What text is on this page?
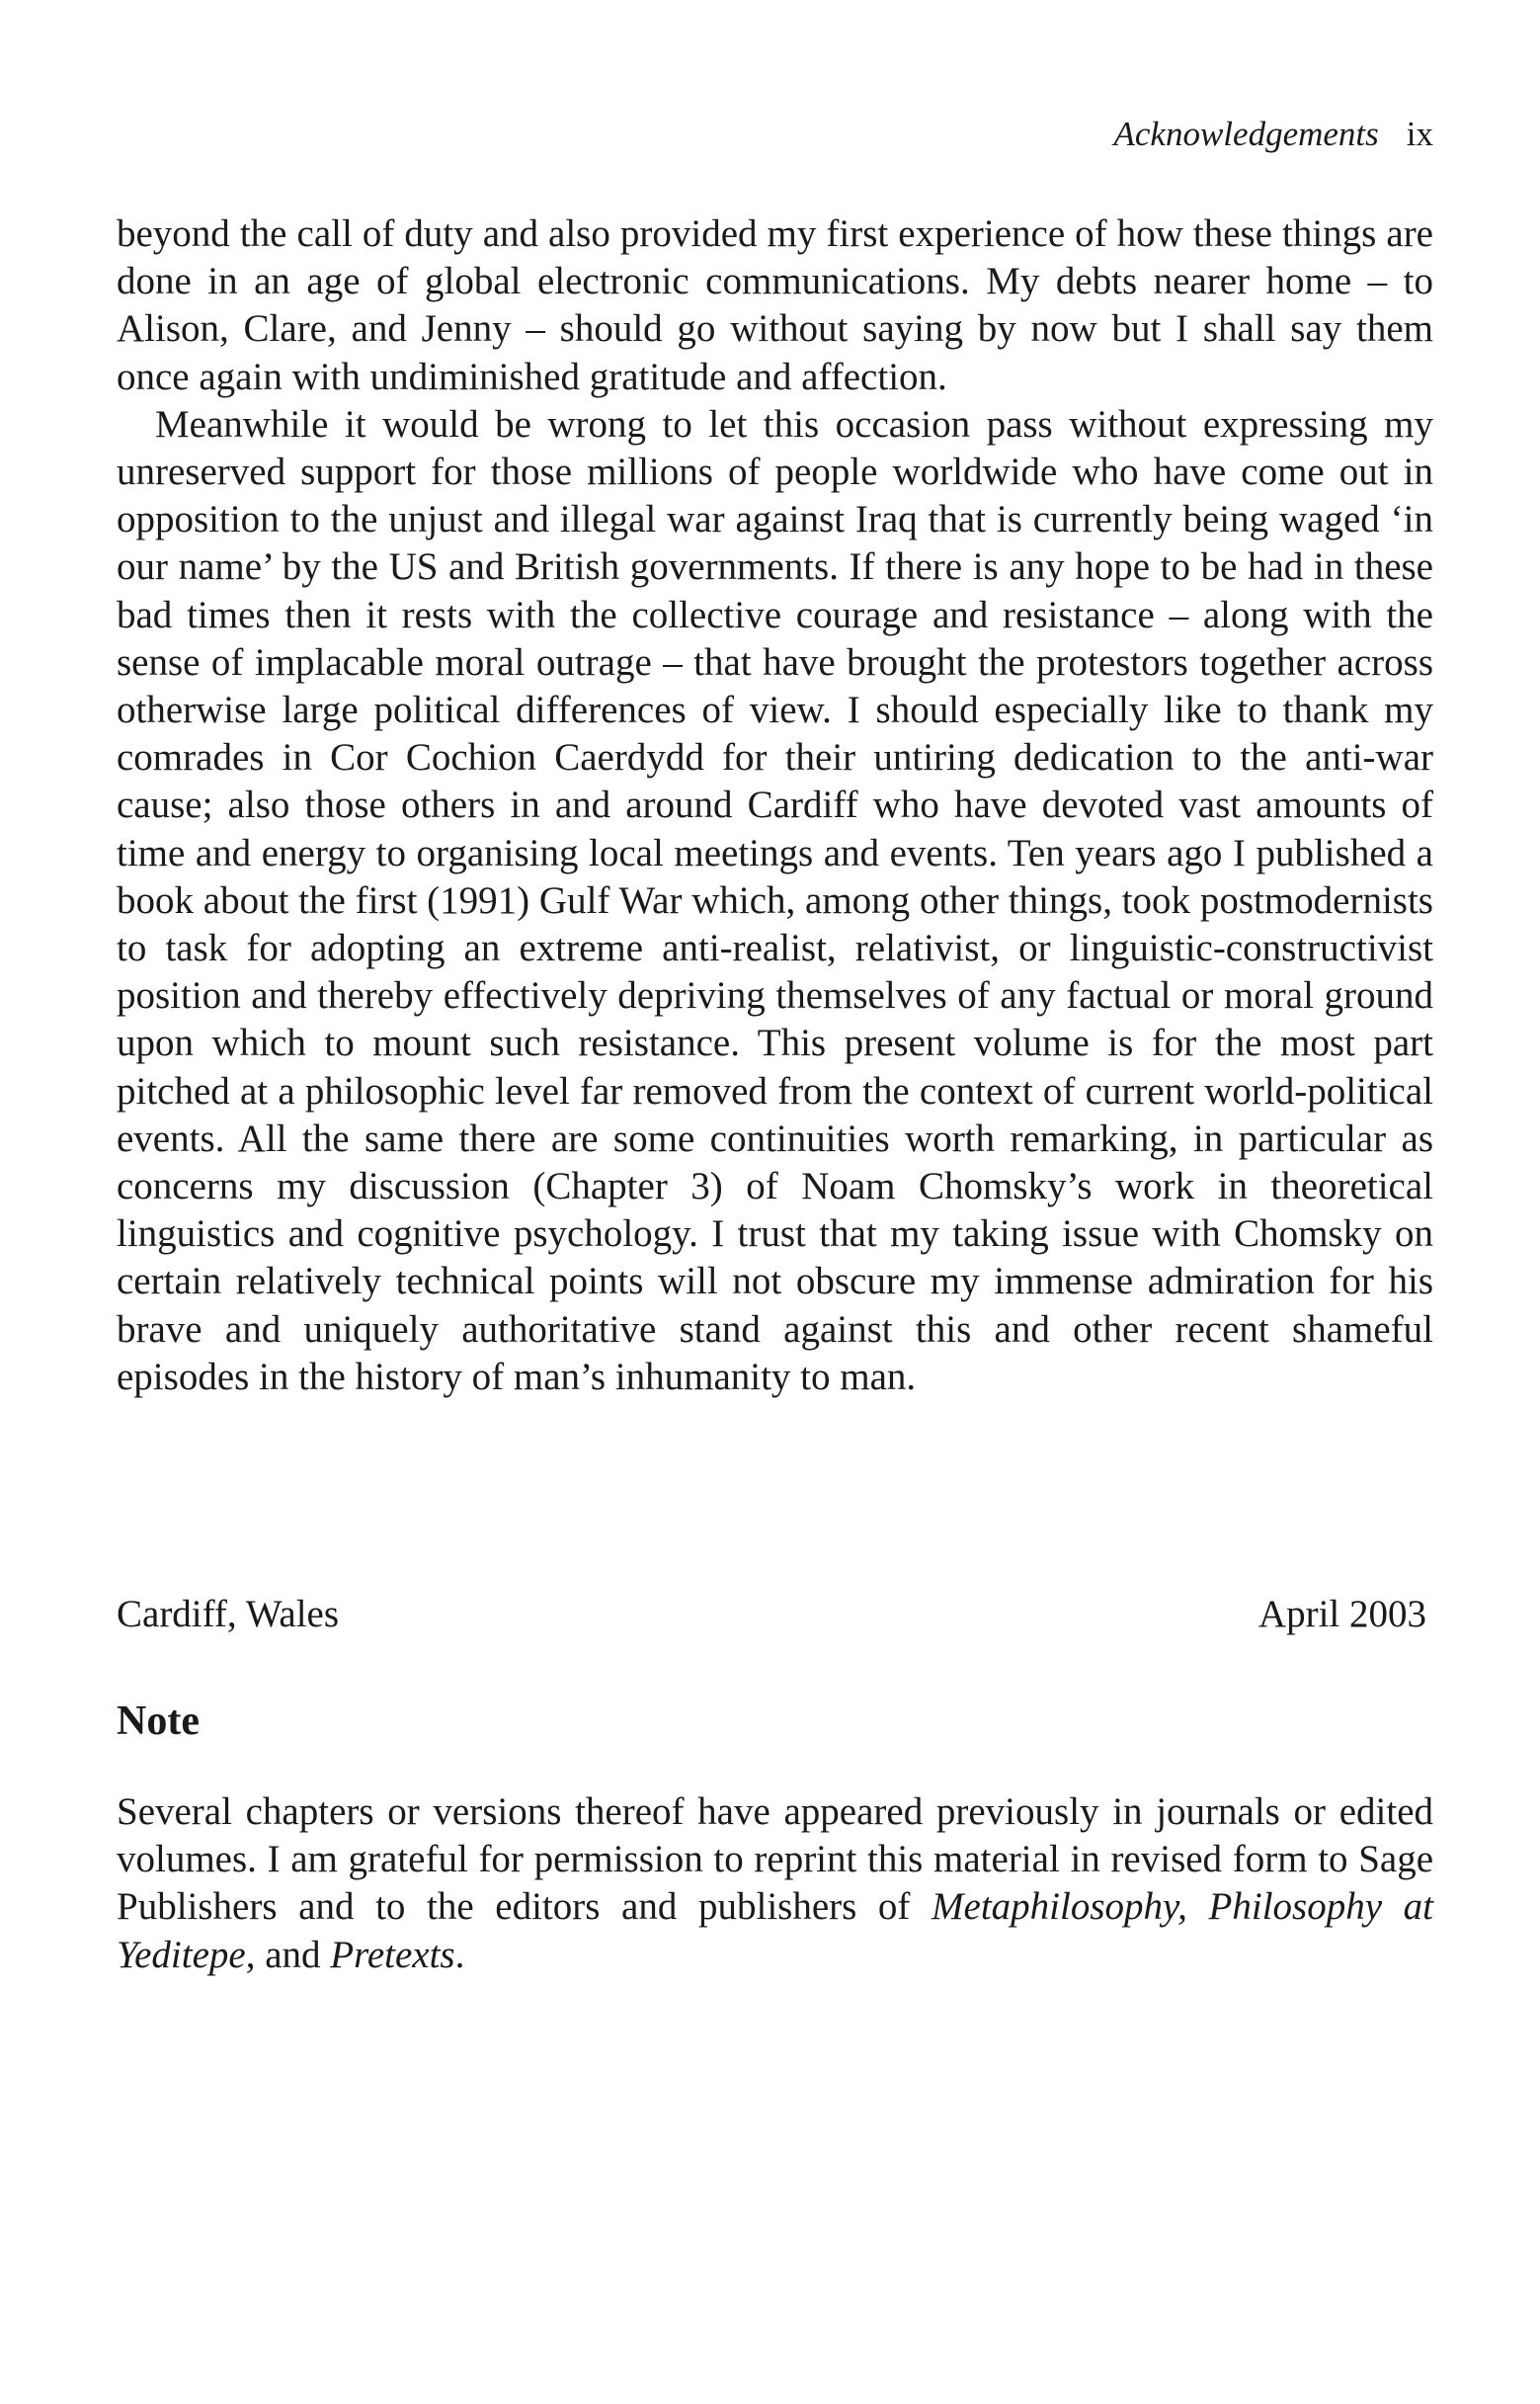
Acknowledgements ix

beyond the call of duty and also provided my first experience of how these things are done in an age of global electronic communications. My debts nearer home – to Alison, Clare, and Jenny – should go without saying by now but I shall say them once again with undiminished gratitude and affection.

Meanwhile it would be wrong to let this occasion pass without expressing my unreserved support for those millions of people worldwide who have come out in opposition to the unjust and illegal war against Iraq that is currently being waged ‘in our name’ by the US and British governments. If there is any hope to be had in these bad times then it rests with the collective courage and resistance – along with the sense of implacable moral outrage – that have brought the protestors together across otherwise large political differences of view. I should especially like to thank my comrades in Cor Cochion Caerdydd for their untiring dedication to the anti-war cause; also those others in and around Cardiff who have devoted vast amounts of time and energy to organising local meetings and events. Ten years ago I published a book about the first (1991) Gulf War which, among other things, took postmodernists to task for adopting an extreme anti-realist, relativist, or linguistic-constructivist position and thereby effectively depriving themselves of any factual or moral ground upon which to mount such resistance. This present volume is for the most part pitched at a philosophic level far removed from the context of current world-political events. All the same there are some continuities worth remarking, in particular as concerns my discussion (Chapter 3) of Noam Chomsky’s work in theoretical linguistics and cognitive psychology. I trust that my taking issue with Chomsky on certain relatively technical points will not obscure my immense admiration for his brave and uniquely authoritative stand against this and other recent shameful episodes in the history of man’s inhumanity to man.

Cardiff, Wales	April 2003
Note

Several chapters or versions thereof have appeared previously in journals or edited volumes. I am grateful for permission to reprint this material in revised form to Sage Publishers and to the editors and publishers of Metaphilosophy, Philosophy at Yeditepe, and Pretexts.
